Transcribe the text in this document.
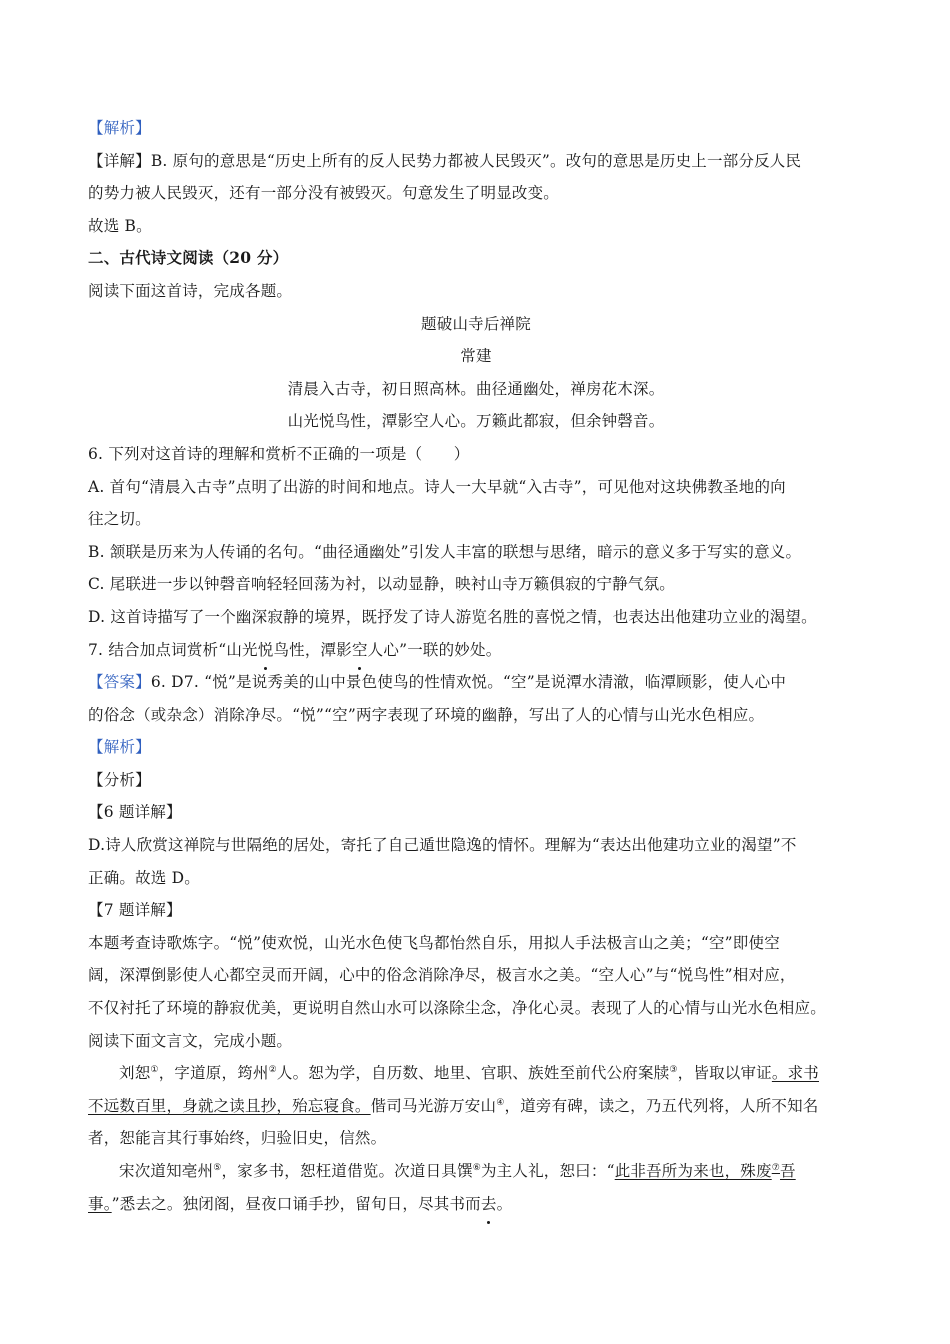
【解析】
【详解】B. 原句的意思是“历史上所有的反人民势力都被人民毁灭”。改句的意思是历史上一部分反人民
的势力被人民毁灭，还有一部分没有被毁灭。句意发生了明显改变。
故选 B。
二、古代诗文阅读（20 分）
阅读下面这首诗，完成各题。
题破山寺后禅院
常建
清晨入古寺，初日照高林。曲径通幽处，禅房花木深。
山光悦鸟性，潭影空人心。万籁此都寂，但余钟磬音。
6. 下列对这首诗的理解和赏析不正确的一项是（　　）
A. 首句“清晨入古寺”点明了出游的时间和地点。诗人一大早就“入古寺”，可见他对这块佛教圣地的向
往之切。
B. 颔联是历来为人传诵的名句。“曲径通幽处”引发人丰富的联想与思绪，暗示的意义多于写实的意义。
C. 尾联进一步以钟磬音响轻轻回荡为衬，以动显静，映衬山寺万籁俱寂的宁静气氛。
D. 这首诗描写了一个幽深寂静的境界，既抒发了诗人游览名胜的喜悦之情，也表达出他建功立业的渴望。
7. 结合加点词赏析“山光悦鸟性，潭影空人心”一联的妙处。
【答案】6. D7. “悦”是说秀美的山中景色使鸟的性情欢悦。“空”是说潭水清澈，临潭顾影，使人心中
的俗念（或杂念）消除净尽。“悦”“空”两字表现了环境的幽静，写出了人的心情与山光水色相应。
【解析】
【分析】
【6 题详解】
D.诗人欣赏这禅院与世隔绝的居处，寄托了自己遁世隐逸的情怀。理解为“表达出他建功立业的渴望”不
正确。故选 D。
【7 题详解】
本题考查诗歌炼字。“悦”使欢悦，山光水色使飞鸟都怡然自乐，用拟人手法极言山之美；“空”即使空
阔，深潭倒影使人心都空灵而开阔，心中的俗念消除净尽，极言水之美。“空人心”与“悦鸟性”相对应，
不仅衬托了环境的静寂优美，更说明自然山水可以涤除尘念，净化心灵。表现了人的心情与山光水色相应。
阅读下面文言文，完成小题。
刘恕①，字道原，筠州②人。恕为学，自历数、地里、官职、族姓至前代公府案牍③，皆取以审证。求书
不远数百里，身就之读且抄，殆忘寝食。偕司马光游万安山④，道旁有碑，读之，乃五代列将，人所不知名
者，恕能言其行事始终，归验旧史，信然。
宋次道知亳州⑤，家多书，恕枉道借览。次道日具馔⑥为主人礼，恕曰：“此非吾所为来也，殊废⑦吾
事。”悉去之。独闭阁，昼夜口诵手抄，留旬日，尽其书而去。
